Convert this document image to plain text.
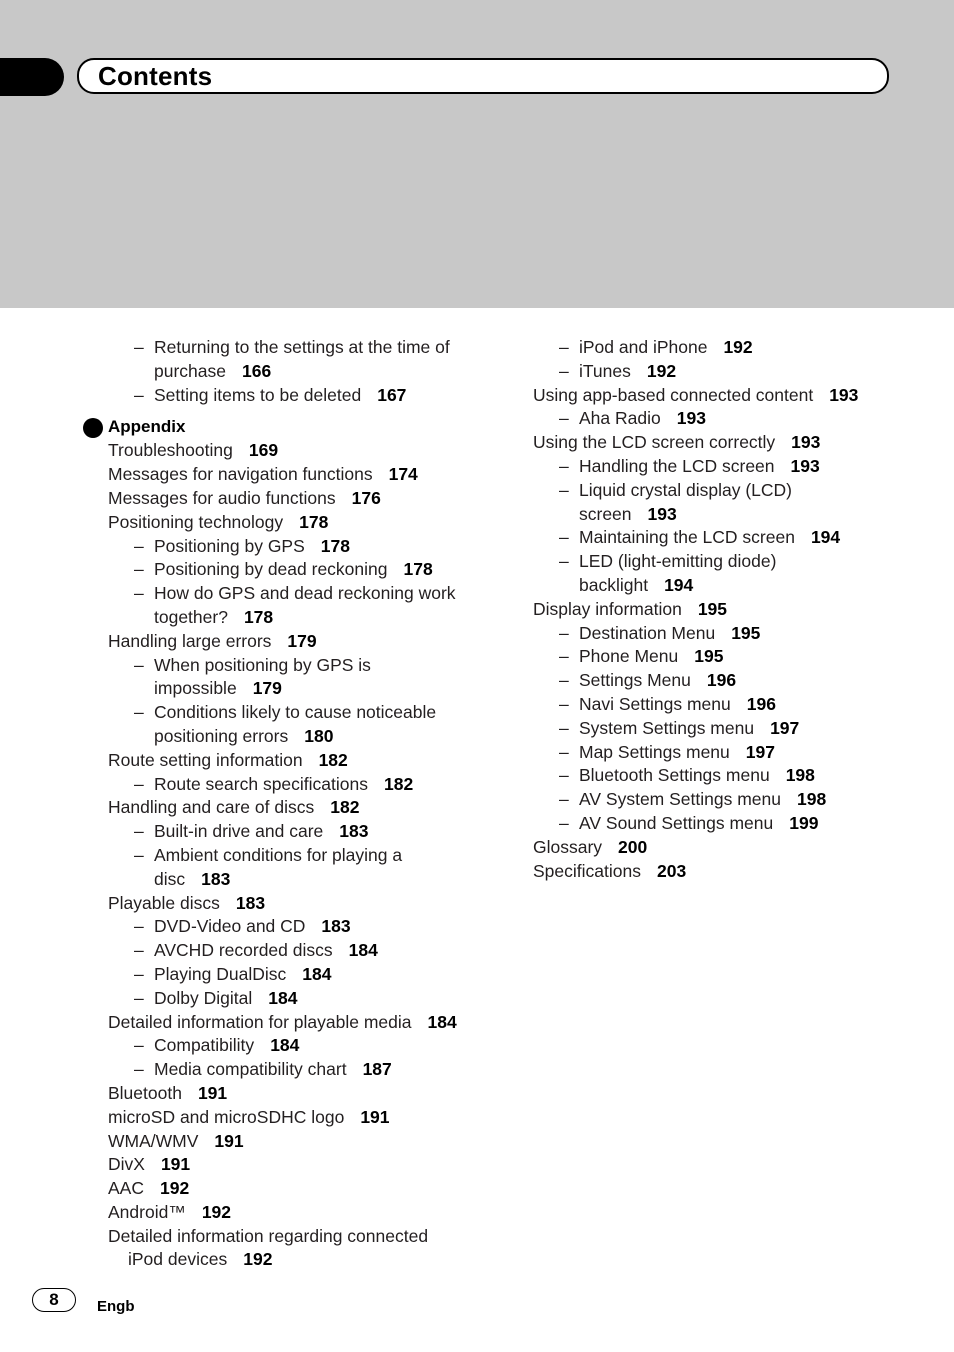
Contents
– Returning to the settings at the time of
purchase 166
– Setting items to be deleted 167
Appendix
Troubleshooting 169
Messages for navigation functions 174
Messages for audio functions 176
Positioning technology 178
– Positioning by GPS 178
– Positioning by dead reckoning 178
– How do GPS and dead reckoning work
together? 178
Handling large errors 179
– When positioning by GPS is
impossible 179
– Conditions likely to cause noticeable
positioning errors 180
Route setting information 182
– Route search specifications 182
Handling and care of discs 182
– Built-in drive and care 183
– Ambient conditions for playing a
disc 183
Playable discs 183
– DVD-Video and CD 183
– AVCHD recorded discs 184
– Playing DualDisc 184
– Dolby Digital 184
Detailed information for playable media 184
– Compatibility 184
– Media compatibility chart 187
Bluetooth 191
microSD and microSDHC logo 191
WMA/WMV 191
DivX 191
AAC 192
Android™ 192
Detailed information regarding connected
iPod devices 192
– iPod and iPhone 192
– iTunes 192
Using app-based connected content 193
– Aha Radio 193
Using the LCD screen correctly 193
– Handling the LCD screen 193
– Liquid crystal display (LCD)
screen 193
– Maintaining the LCD screen 194
– LED (light-emitting diode)
backlight 194
Display information 195
– Destination Menu 195
– Phone Menu 195
– Settings Menu 196
– Navi Settings menu 196
– System Settings menu 197
– Map Settings menu 197
– Bluetooth Settings menu 198
– AV System Settings menu 198
– AV Sound Settings menu 199
Glossary 200
Specifications 203
8	Engb
